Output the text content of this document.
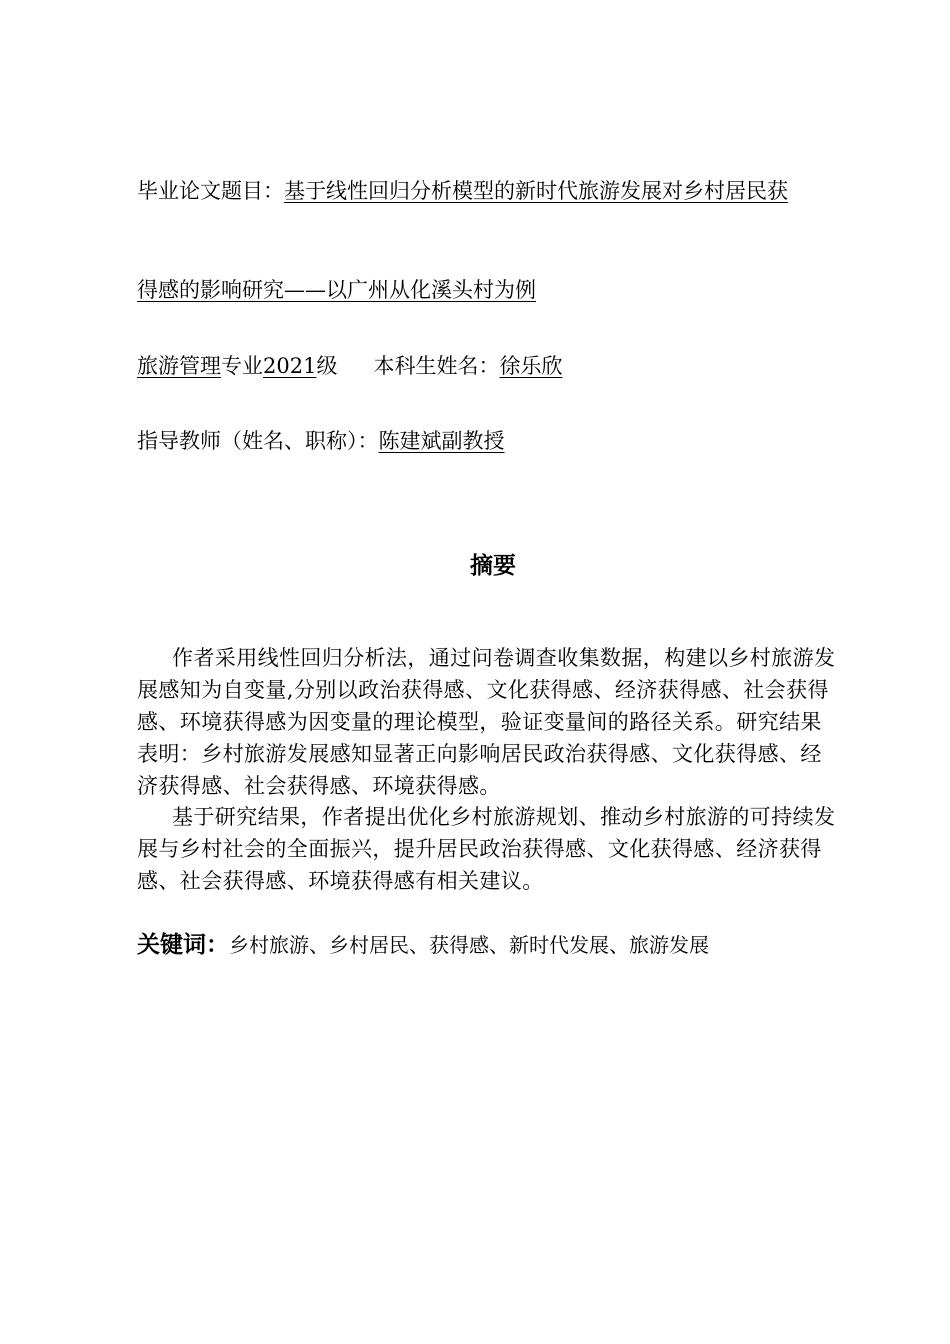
毕业论文题目：基于线性回归分析模型的新时代旅游发展对乡村居民获
得感的影响研究——以广州从化溪头村为例
旅游管理专业2021级 本科生姓名：徐乐欣
指导教师（姓名、职称）：陈建斌副教授
摘要

作者采用线性回归分析法，通过问卷调查收集数据，构建以乡村旅游发展感知为自变量,分别以政治获得感、文化获得感、经济获得感、社会获得感、环境获得感为因变量的理论模型，验证变量间的路径关系。研究结果表明：乡村旅游发展感知显著正向影响居民政治获得感、文化获得感、经济获得感、社会获得感、环境获得感。

基于研究结果，作者提出优化乡村旅游规划、推动乡村旅游的可持续发展与乡村社会的全面振兴，提升居民政治获得感、文化获得感、经济获得感、社会获得感、环境获得感有相关建议。

关键词：乡村旅游、乡村居民、获得感、新时代发展、旅游发展
